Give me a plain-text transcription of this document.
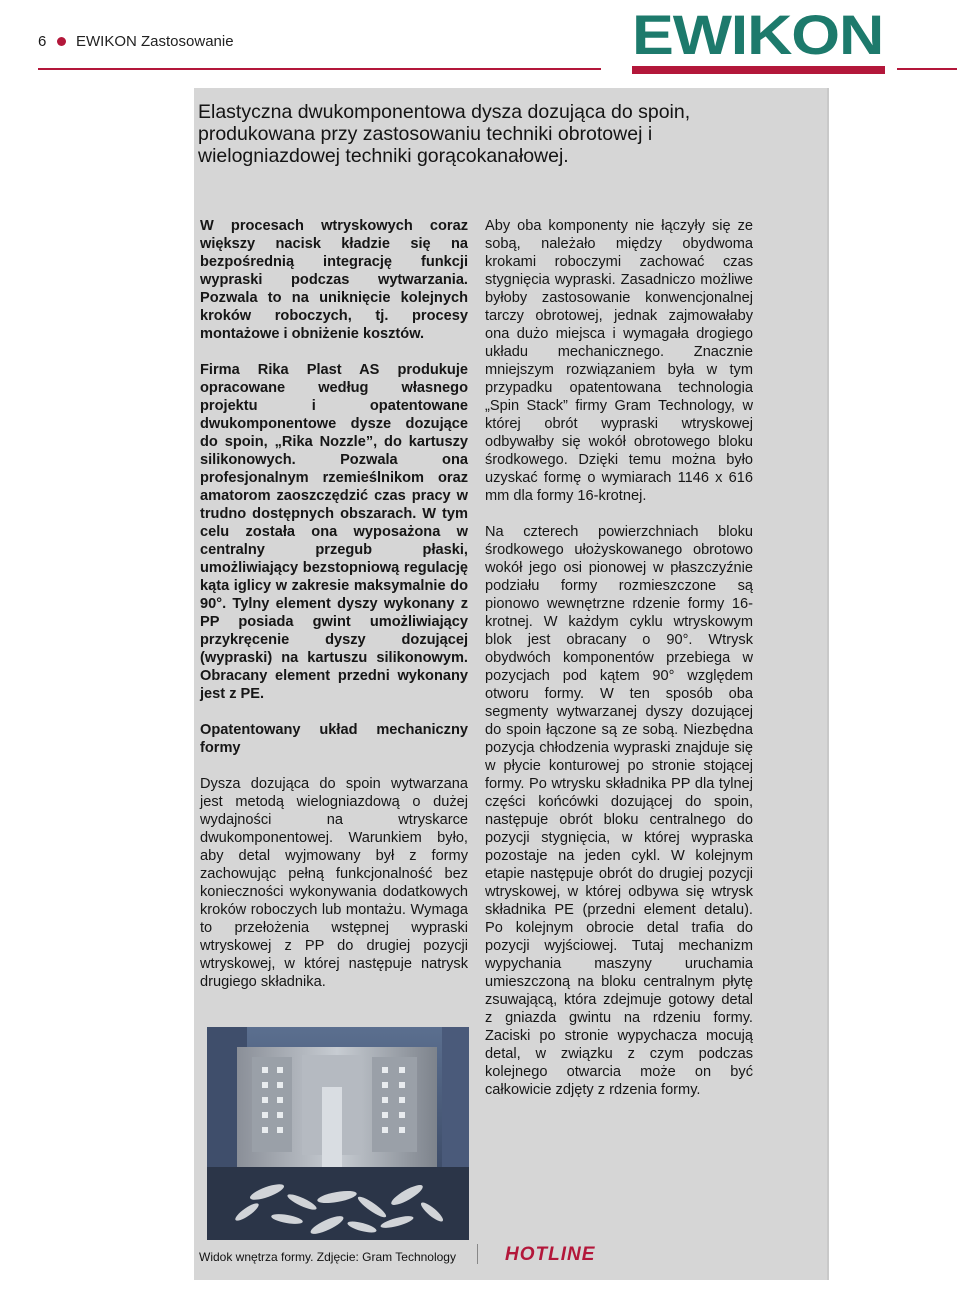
6 EWIKON Zastosowanie	EWIKON
Elastyczna dwukomponentowa dysza dozująca do spoin, produkowana przy zastosowaniu techniki obrotowej i wielogniazdowej techniki gorącokanałowej.

W procesach wtryskowych coraz większy nacisk kładzie się na bezpośrednią integrację funkcji wypraski podczas wytwarzania. Pozwala to na uniknięcie kolejnych kroków roboczych, tj. procesy montażowe i obniżenie kosztów.

Firma Rika Plast AS produkuje opracowane według własnego projektu i opatentowane dwukomponentowe dysze dozujące do spoin, „Rika Nozzle”, do kartuszy silikonowych. Pozwala ona profesjonalnym rzemieślnikom oraz amatorom zaoszczędzić czas pracy w trudno dostępnych obszarach. W tym celu została ona wyposażona w centralny przegub płaski, umożliwiający bezstopniową regulację kąta iglicy w zakresie maksymalnie do 90°. Tylny element dyszy wykonany z PP posiada gwint umożliwiający przykręcenie dyszy dozującej (wypraski) na kartuszu silikonowym. Obracany element przedni wykonany jest z PE.

Opatentowany układ mechaniczny formy

Dysza dozująca do spoin wytwarzana jest metodą wielogniazdową o dużej wydajności na wtryskarce dwukomponentowej. Warunkiem było, aby detal wyjmowany był z formy zachowując pełną funkcjonalność bez konieczności wykonywania dodatkowych kroków roboczych lub montażu. Wymaga to przełożenia wstępnej wypraski wtryskowej z PP do drugiej pozycji wtryskowej, w której następuje natrysk drugiego składnika.

Aby oba komponenty nie łączyły się ze sobą, należało między obydwoma krokami roboczymi zachować czas stygnięcia wypraski. Zasadniczo możliwe byłoby zastosowanie konwencjonalnej tarczy obrotowej, jednak zajmowałaby ona dużo miejsca i wymagała drogiego układu mechanicznego. Znacznie mniejszym rozwiązaniem była w tym przypadku opatentowana technologia „Spin Stack” firmy Gram Technology, w której obrót wypraski wtryskowej odbywałby się wokół obrotowego bloku środkowego. Dzięki temu można było uzyskać formę o wymiarach 1146 x 616 mm dla formy 16-krotnej.

Na czterech powierzchniach bloku środkowego ułożyskowanego obrotowo wokół jego osi pionowej w płaszczyźnie podziału formy rozmieszczone są pionowo wewnętrzne rdzenie formy 16-krotnej. W każdym cyklu wtryskowym blok jest obracany o 90°. Wtrysk obydwóch komponentów przebiega w pozycjach pod kątem 90° względem otworu formy. W ten sposób oba segmenty wytwarzanej dyszy dozującej do spoin łączone są ze sobą. Niezbędna pozycja chłodzenia wypraski znajduje się w płycie konturowej po stronie stojącej formy. Po wtrysku składnika PP dla tylnej części końcówki dozującej do spoin, następuje obrót bloku centralnego do pozycji stygnięcia, w której wypraska pozostaje na jeden cykl. W kolejnym etapie następuje obrót do drugiej pozycji wtryskowej, w której odbywa się wtrysk składnika PE (przedni element detalu). Po kolejnym obrocie detal trafia do pozycji wyjściowej. Tutaj mechanizm wypychania maszyny uruchamia umieszczoną na bloku centralnym płytę zsuwającą, która zdejmuje gotowy detal z gniazda gwintu na rdzeniu formy. Zaciski po stronie wypychacza mocują detal, w związku z czym podczas kolejnego otwarcia może on być całkowicie zdjęty z rdzenia formy.

Widok wnętrza formy. Zdjęcie: Gram Technology	HOTLINE
